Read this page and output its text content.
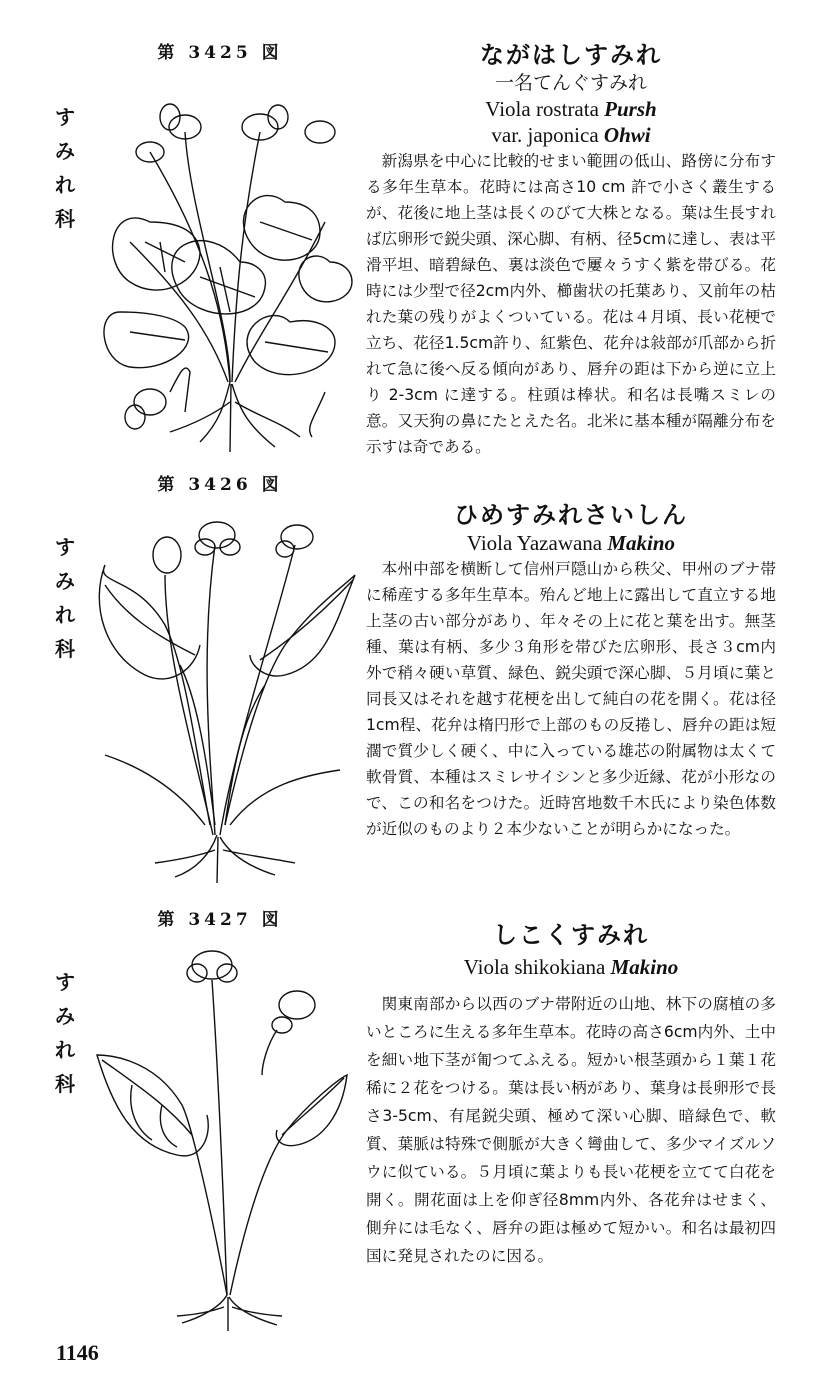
第 3425 図
す
み
れ
科
ながはしすみれ
一名てんぐすみれ
Viola rostrata Pursh
var. japonica Ohwi

新潟県を中心に比較的せまい範囲の低山、路傍に分布する多年生草本。花時には高さ10 cm 許で小さく叢生するが、花後に地上茎は長くのびて大株となる。葉は生長すれば広卵形で鋭尖頭、深心脚、有柄、径5cmに達し、表は平滑平坦、暗碧緑色、裏は淡色で屢々うすく紫を帯びる。花時には少型で径2cm内外、櫛歯状の托葉あり、又前年の枯れた葉の残りがよくついている。花は４月頃、長い花梗で立ち、花径1.5cm許り、紅紫色、花弁は敍部が爪部から折れて急に後へ反る傾向があり、唇弁の距は下から逆に立上り 2-3cm に達する。柱頭は棒状。和名は長嘴スミレの意。又天狗の鼻にたとえた名。北米に基本種が隔離分布を示すは奇である。

第 3426 図
す
み
れ
科
ひめすみれさいしん
Viola Yazawana Makino

本州中部を横断して信州戸隠山から秩父、甲州のブナ帯に稀産する多年生草本。殆んど地上に露出して直立する地上茎の古い部分があり、年々その上に花と葉を出す。無茎種、葉は有柄、多少３角形を帯びた広卵形、長さ３cm内外で稍々硬い草質、緑色、鋭尖頭で深心脚、５月頃に葉と同長又はそれを越す花梗を出して純白の花を開く。花は径1cm程、花弁は楕円形で上部のもの反捲し、唇弁の距は短濶で質少しく硬く、中に入っている雄芯の附属物は太くて軟骨質、本種はスミレサイシンと多少近縁、花が小形なので、この和名をつけた。近時宮地数千木氏により染色体数が近似のものより２本少ないことが明らかになった。

第 3427 図
す
み
れ
科
しこくすみれ
Viola shikokiana Makino

関東南部から以西のブナ帯附近の山地、林下の腐植の多いところに生える多年生草本。花時の高さ6cm内外、土中を細い地下茎が匍つてふえる。短かい根茎頭から１葉１花稀に２花をつける。葉は長い柄があり、葉身は長卵形で長さ3-5cm、有尾鋭尖頭、極めて深い心脚、暗緑色で、軟質、葉脈は特殊で側脈が大きく彎曲して、多少マイズルソウに似ている。５月頃に葉よりも長い花梗を立てて白花を開く。開花面は上を仰ぎ径8mm内外、各花弁はせまく、側弁には毛なく、唇弁の距は極めて短かい。和名は最初四国に発見されたのに因る。

1146
